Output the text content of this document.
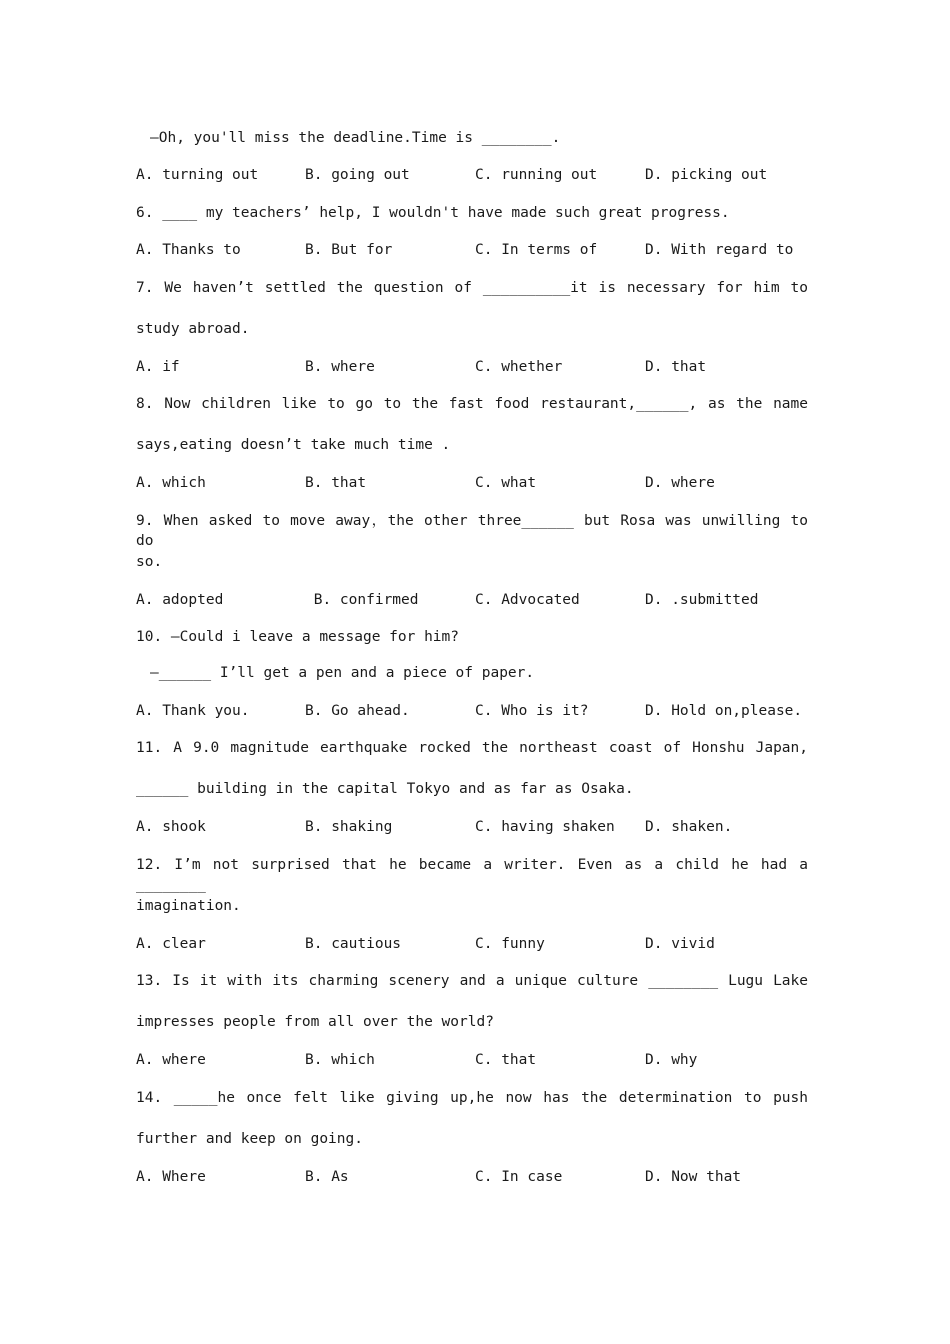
—Oh, you'll miss the deadline.Time is ________.
A. turning out	B. going out	C. running out	D. picking out
6. ____ my teachers’ help, I wouldn't have made such great progress.
A. Thanks to	B. But for	C. In terms of	D. With regard to
7. We haven’t settled the question of __________it is necessary for him to
study abroad.
A. if	B. where	C. whether	D. that
8. Now children like to go to the fast food restaurant,______, as the name
says,eating doesn’t take much time .
A. which	B. that	C. what	D. where
9. When asked to move away，the other three______ but Rosa was unwilling to do
so.
A. adopted	B. confirmed	C. Advocated	D. .submitted
10. —Could i leave a message for him?
—______ I’ll get a pen and a piece of paper.
A. Thank you.	B. Go ahead.	C. Who is it?	D. Hold on,please.
11. A 9.0 magnitude earthquake rocked the northeast coast of Honshu Japan,
______ building in the capital Tokyo and as far as Osaka.
A. shook	B. shaking	C. having shaken D. shaken.
12. I’m not surprised that he became a writer. Even as a child he had a ________
imagination.
A. clear	B. cautious	C. funny	D. vivid
13. Is it with its charming scenery and a unique culture ________ Lugu Lake
impresses people from all over the world?
A. where	B. which	C. that	D. why
14. _____he once felt like giving up,he now has the determination to push
further and keep on going.
A. Where	B. As	C. In case	D. Now that
